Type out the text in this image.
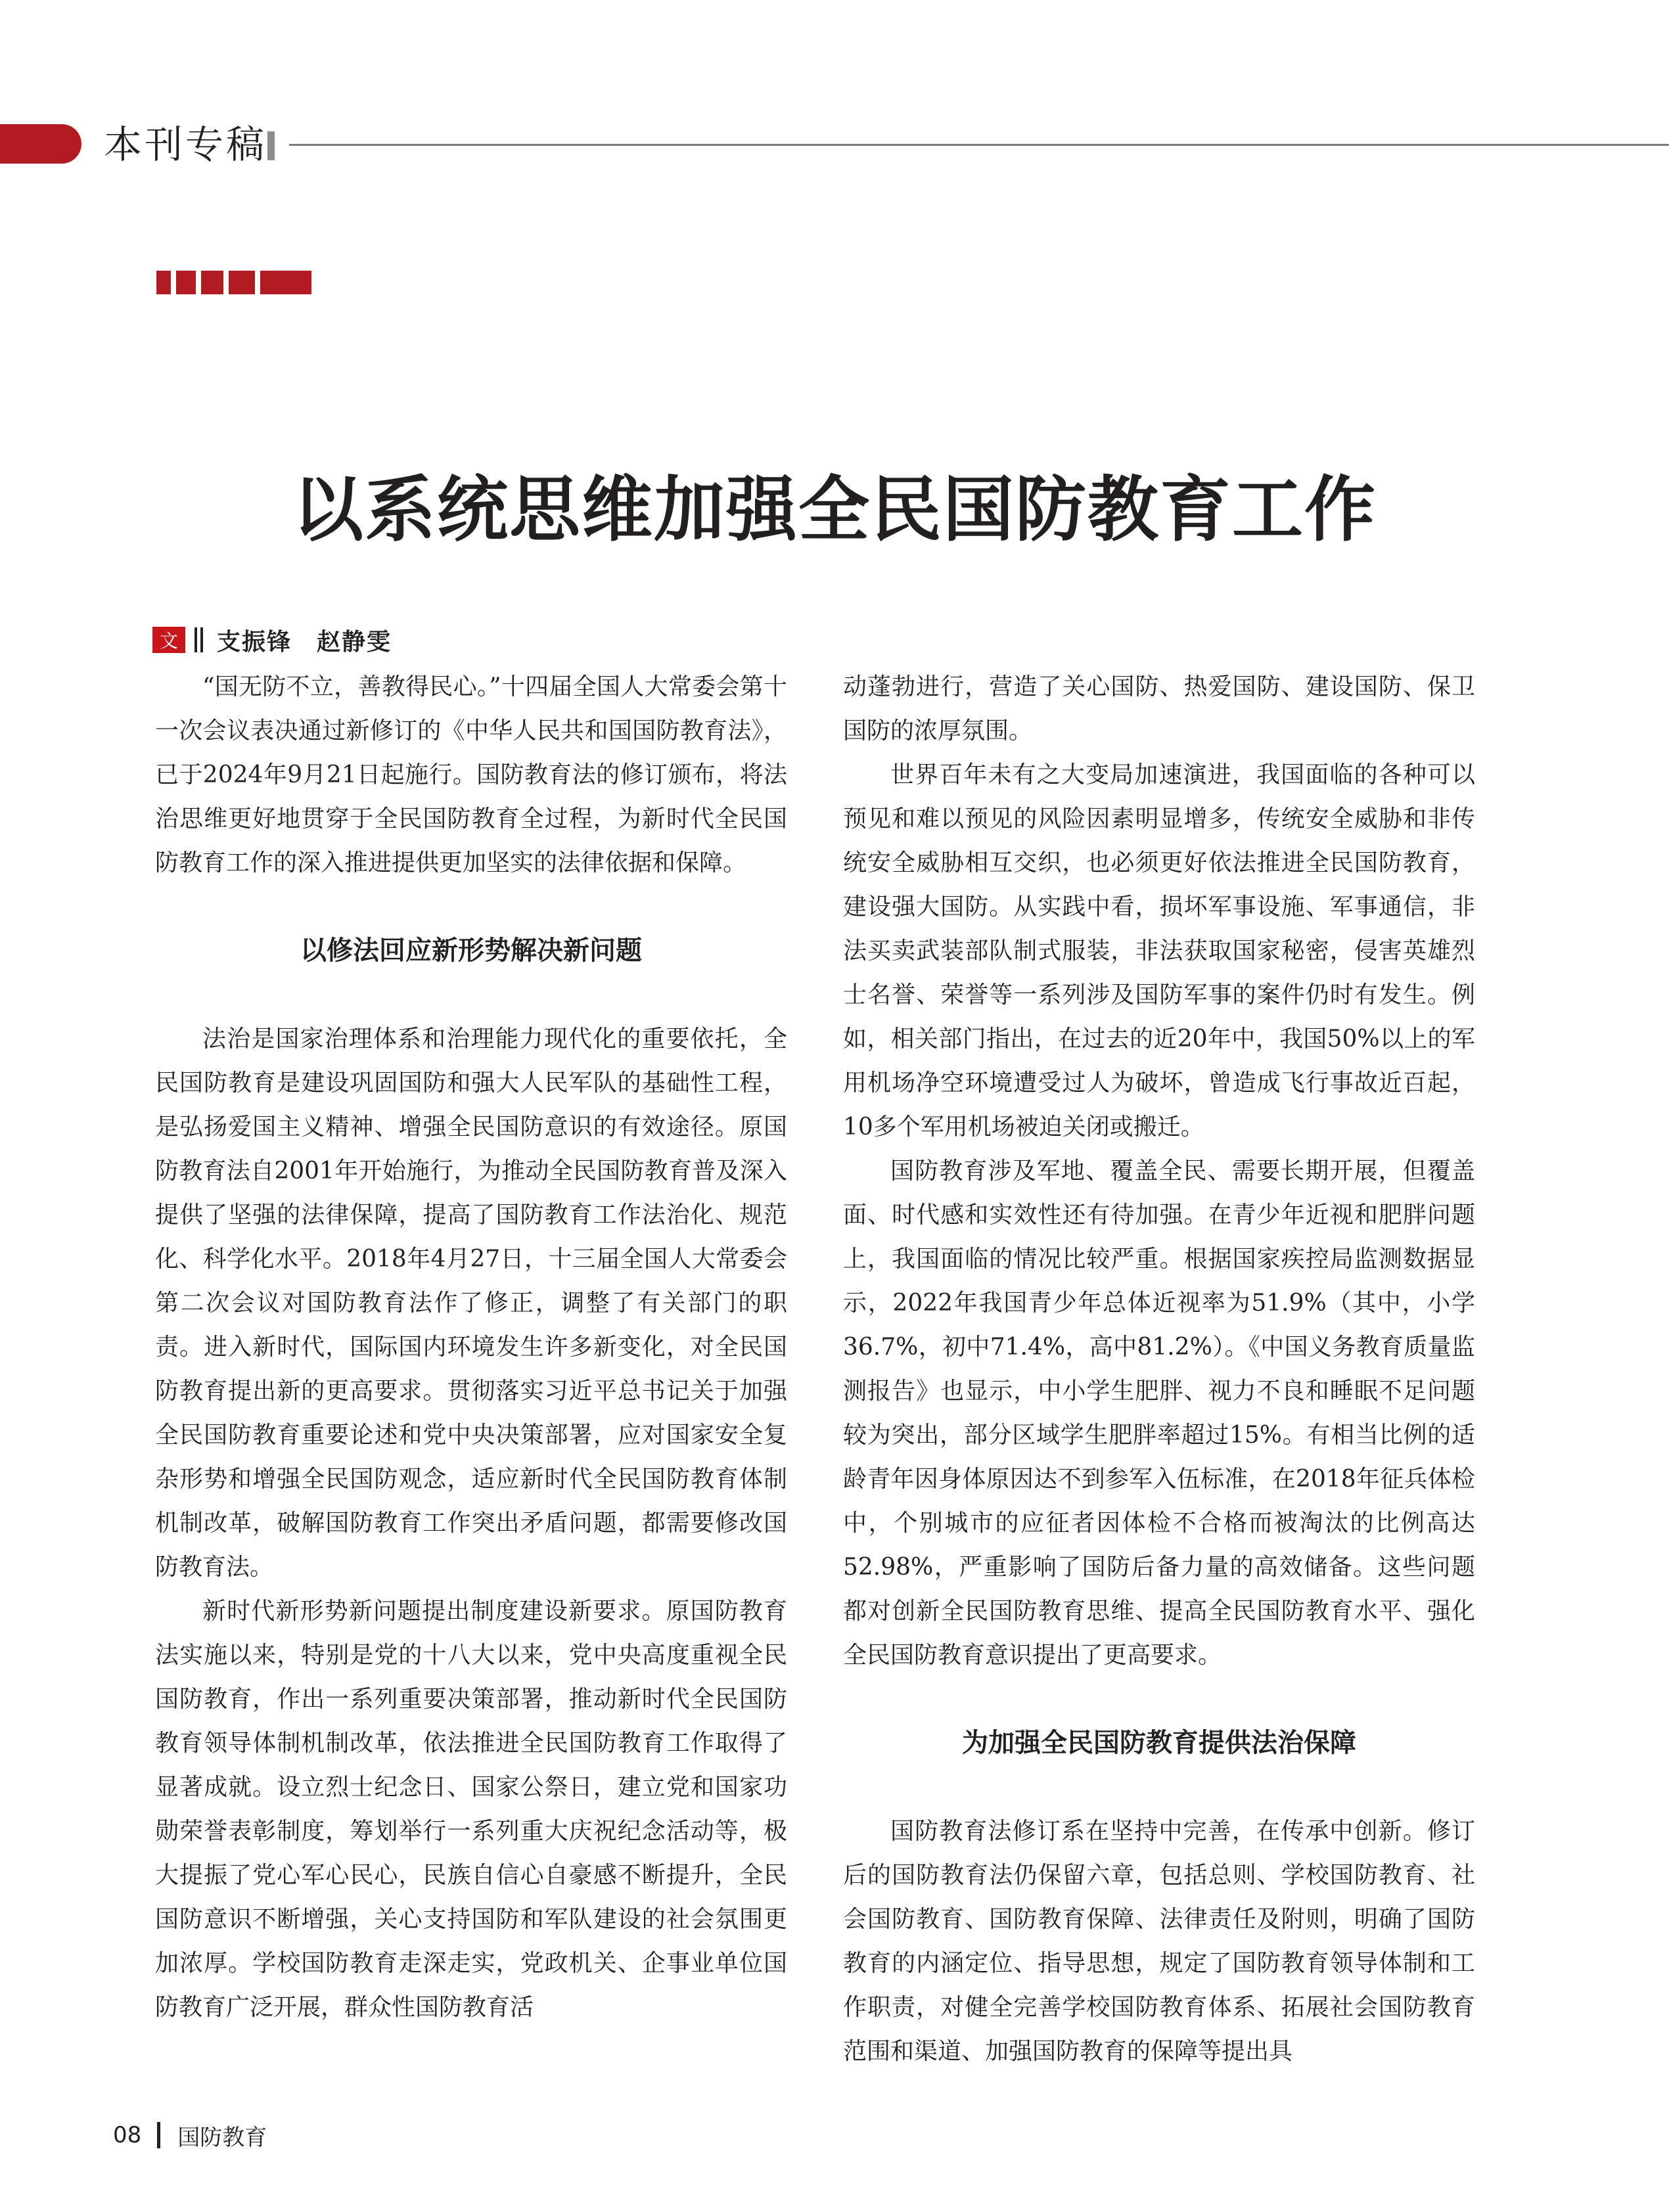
本刊专稿
以系统思维加强全民国防教育工作
文	支振锋　赵静雯

“国无防不立，善教得民心。”十四届全国人大常委会第十一次会议表决通过新修订的《中华人民共和国国防教育法》，已于2024年9月21日起施行。国防教育法的修订颁布，将法治思维更好地贯穿于全民国防教育全过程，为新时代全民国防教育工作的深入推进提供更加坚实的法律依据和保障。

以修法回应新形势解决新问题

法治是国家治理体系和治理能力现代化的重要依托，全民国防教育是建设巩固国防和强大人民军队的基础性工程，是弘扬爱国主义精神、增强全民国防意识的有效途径。原国防教育法自2001年开始施行，为推动全民国防教育普及深入提供了坚强的法律保障，提高了国防教育工作法治化、规范化、科学化水平。2018年4月27日，十三届全国人大常委会第二次会议对国防教育法作了修正，调整了有关部门的职责。进入新时代，国际国内环境发生许多新变化，对全民国防教育提出新的更高要求。贯彻落实习近平总书记关于加强全民国防教育重要论述和党中央决策部署，应对国家安全复杂形势和增强全民国防观念，适应新时代全民国防教育体制机制改革，破解国防教育工作突出矛盾问题，都需要修改国防教育法。

新时代新形势新问题提出制度建设新要求。原国防教育法实施以来，特别是党的十八大以来，党中央高度重视全民国防教育，作出一系列重要决策部署，推动新时代全民国防教育领导体制机制改革，依法推进全民国防教育工作取得了显著成就。设立烈士纪念日、国家公祭日，建立党和国家功勋荣誉表彰制度，筹划举行一系列重大庆祝纪念活动等，极大提振了党心军心民心，民族自信心自豪感不断提升，全民国防意识不断增强，关心支持国防和军队建设的社会氛围更加浓厚。学校国防教育走深走实，党政机关、企事业单位国防教育广泛开展，群众性国防教育活

动蓬勃进行，营造了关心国防、热爱国防、建设国防、保卫国防的浓厚氛围。

世界百年未有之大变局加速演进，我国面临的各种可以预见和难以预见的风险因素明显增多，传统安全威胁和非传统安全威胁相互交织，也必须更好依法推进全民国防教育，建设强大国防。从实践中看，损坏军事设施、军事通信，非法买卖武装部队制式服装，非法获取国家秘密，侵害英雄烈士名誉、荣誉等一系列涉及国防军事的案件仍时有发生。例如，相关部门指出，在过去的近20年中，我国50%以上的军用机场净空环境遭受过人为破坏，曾造成飞行事故近百起，10多个军用机场被迫关闭或搬迁。

国防教育涉及军地、覆盖全民、需要长期开展，但覆盖面、时代感和实效性还有待加强。在青少年近视和肥胖问题上，我国面临的情况比较严重。根据国家疾控局监测数据显示，2022年我国青少年总体近视率为51.9%（其中，小学36.7%，初中71.4%，高中81.2%）。《中国义务教育质量监测报告》也显示，中小学生肥胖、视力不良和睡眠不足问题较为突出，部分区域学生肥胖率超过15%。有相当比例的适龄青年因身体原因达不到参军入伍标准，在2018年征兵体检中，个别城市的应征者因体检不合格而被淘汰的比例高达52.98%，严重影响了国防后备力量的高效储备。这些问题都对创新全民国防教育思维、提高全民国防教育水平、强化全民国防教育意识提出了更高要求。

为加强全民国防教育提供法治保障

国防教育法修订系在坚持中完善，在传承中创新。修订后的国防教育法仍保留六章，包括总则、学校国防教育、社会国防教育、国防教育保障、法律责任及附则，明确了国防教育的内涵定位、指导思想，规定了国防教育领导体制和工作职责，对健全完善学校国防教育体系、拓展社会国防教育范围和渠道、加强国防教育的保障等提出具

08 国防教育
